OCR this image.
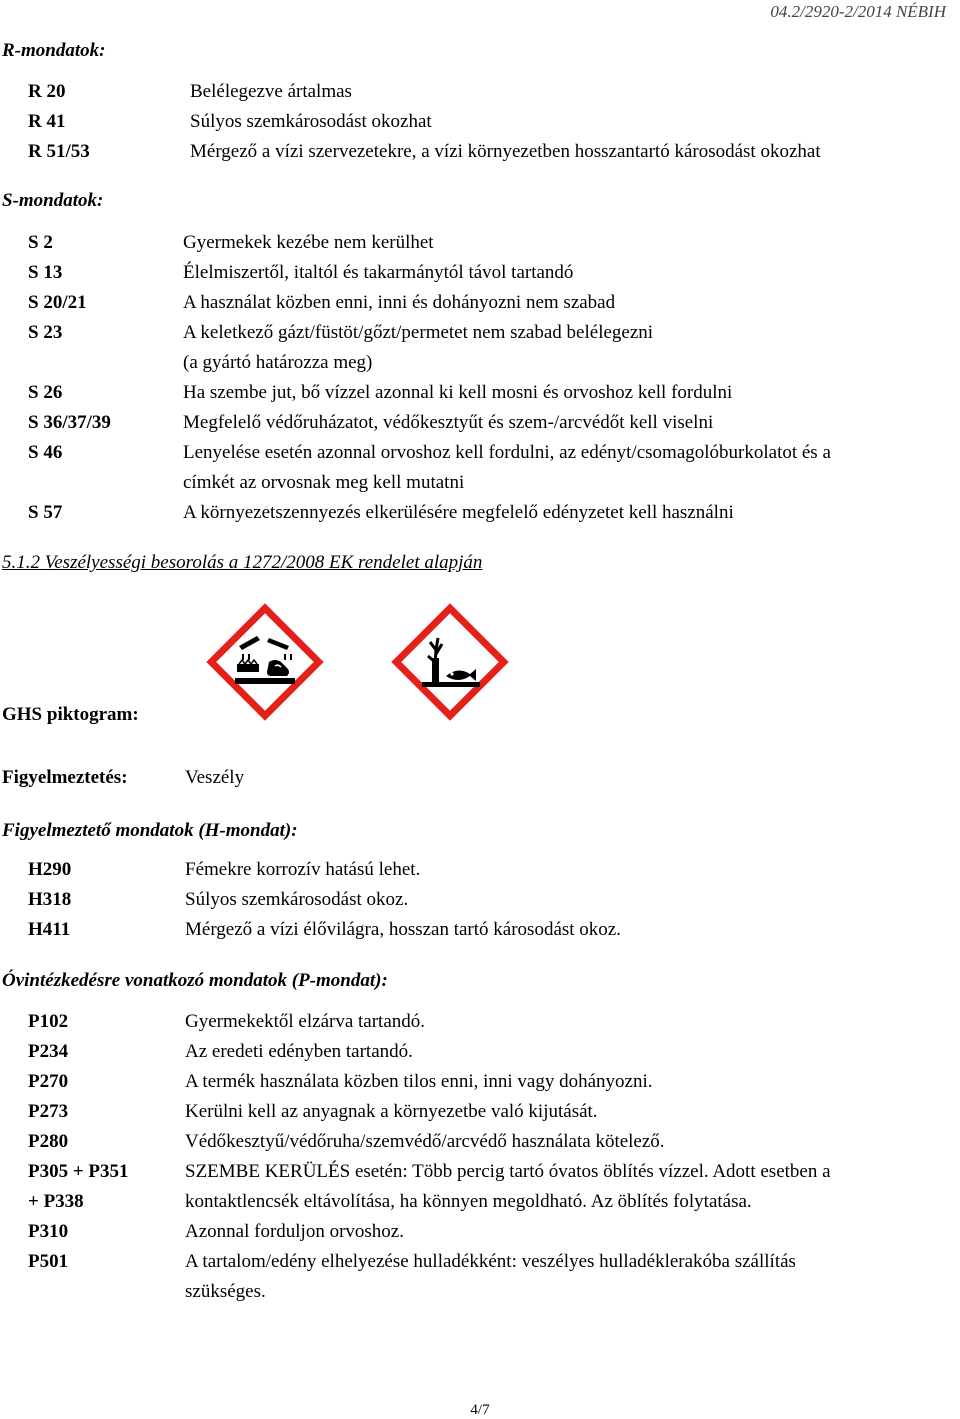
04.2/2920-2/2014 NÉBIH
R-mondatok:
R 20	Belélegezve ártalmas
R 41	Súlyos szemkárosodást okozhat
R 51/53	Mérgező a vízi szervezetekre, a vízi környezetben hosszantartó károsodást okozhat
S-mondatok:
S 2	Gyermekek kezébe nem kerülhet
S 13	Élelmiszertől, italtól és takarmánytól távol tartandó
S 20/21	A használat közben enni, inni és dohányozni nem szabad
S 23	A keletkező gázt/füstöt/gőzt/permetet nem szabad belélegezni
(a gyártó határozza meg)
S 26	Ha szembe jut, bő vízzel azonnal ki kell mosni és orvoshoz kell fordulni
S 36/37/39	Megfelelő védőruházatot, védőkesztyűt és szem-/arcvédőt kell viselni
S 46	Lenyelése esetén azonnal orvoshoz kell fordulni, az edényt/csomagolóburkolatot és a
címkét az orvosnak meg kell mutatni
S 57	A környezetszennyezés elkerülésére megfelelő edényzetet kell használni
5.1.2 Veszélyességi besorolás a 1272/2008 EK rendelet alapján
GHS piktogram:
Figyelmeztetés:	Veszély
Figyelmeztető mondatok (H-mondat):
H290	Fémekre korrozív hatású lehet.
H318	Súlyos szemkárosodást okoz.
H411	Mérgező a vízi élővilágra, hosszan tartó károsodást okoz.
Óvintézkedésre vonatkozó mondatok (P-mondat):
P102	Gyermekektől elzárva tartandó.
P234	Az eredeti edényben tartandó.
P270	A termék használata közben tilos enni, inni vagy dohányozni.
P273	Kerülni kell az anyagnak a környezetbe való kijutását.
P280	Védőkesztyű/védőruha/szemvédő/arcvédő használata kötelező.
P305 + P351	SZEMBE KERÜLÉS esetén: Több percig tartó óvatos öblítés vízzel. Adott esetben a
+ P338	kontaktlencsék eltávolítása, ha könnyen megoldható. Az öblítés folytatása.
P310	Azonnal forduljon orvoshoz.
P501	A tartalom/edény elhelyezése hulladékként: veszélyes hulladéklerakóba szállítás
szükséges.
4/7
